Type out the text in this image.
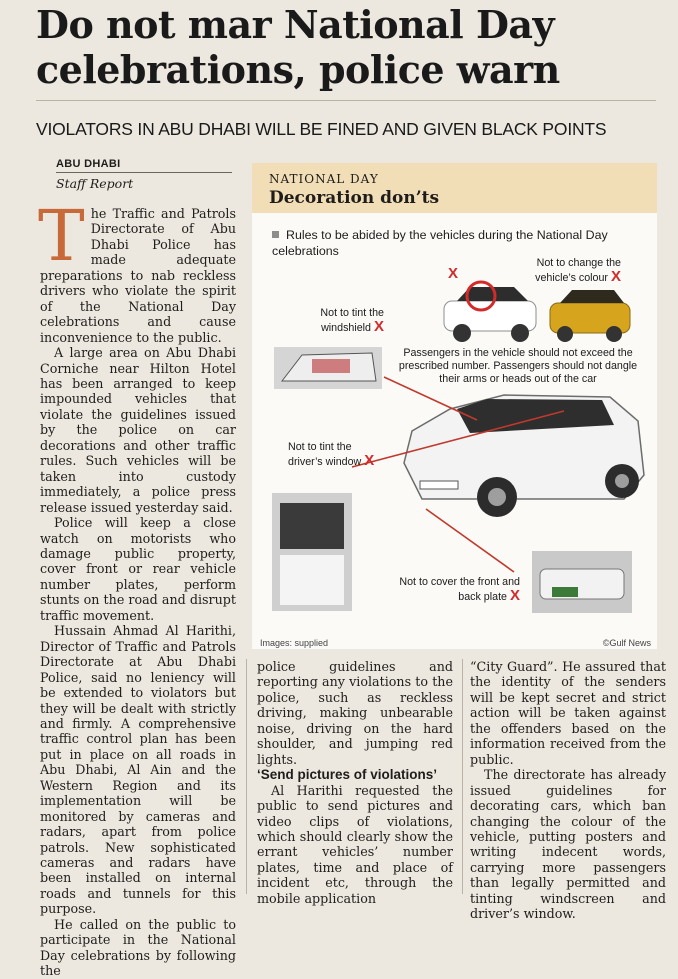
Do not mar National Day celebrations, police warn
VIOLATORS IN ABU DHABI WILL BE FINED AND GIVEN BLACK POINTS
ABU DHABI
Staff Report

The Traffic and Patrols Directorate of Abu Dhabi Police has made adequate preparations to nab reckless drivers who violate the spirit of the National Day celebrations and cause inconvenience to the public.

A large area on Abu Dhabi Corniche near Hilton Hotel has been arranged to keep impounded vehicles that violate the guidelines issued by the police on car decorations and other traffic rules. Such vehicles will be taken into custody immediately, a police press release issued yesterday said.

Police will keep a close watch on motorists who damage public property, cover front or rear vehicle number plates, perform stunts on the road and disrupt traffic movement.

Hussain Ahmad Al Harithi, Director of Traffic and Patrols Directorate at Abu Dhabi Police, said no leniency will be extended to violators but they will be dealt with strictly and firmly. A comprehensive traffic control plan has been put in place on all roads in Abu Dhabi, Al Ain and the Western Region and its implementation will be monitored by cameras and radars, apart from police patrols. New sophisticated cameras and radars have been installed on internal roads and tunnels for this purpose.

He called on the public to participate in the National Day celebrations by following the

police guidelines and reporting any violations to the police, such as reckless driving, making unbearable noise, driving on the hard shoulder, and jumping red lights.

‘Send pictures of violations’

Al Harithi requested the public to send pictures and video clips of violations, which should clearly show the errant vehicles’ number plates, time and place of incident etc, through the mobile application

“City Guard”. He assured that the identity of the senders will be kept secret and strict action will be taken against the offenders based on the information received from the public.

The directorate has already issued guidelines for decorating cars, which ban changing the colour of the vehicle, putting posters and writing indecent words, carrying more passengers than legally permitted and tinting windscreen and driver’s window.

NATIONAL DAY
Decoration don’ts
Rules to be abided by the vehicles during the National Day celebrations
Not to change the vehicle’s colour X
X
Not to tint the windshield X
Passengers in the vehicle should not exceed the prescribed number. Passengers should not dangle their arms or heads out of the car
Not to tint the driver’s window X
Not to cover the front and back plate X
Images: supplied	©Gulf News
